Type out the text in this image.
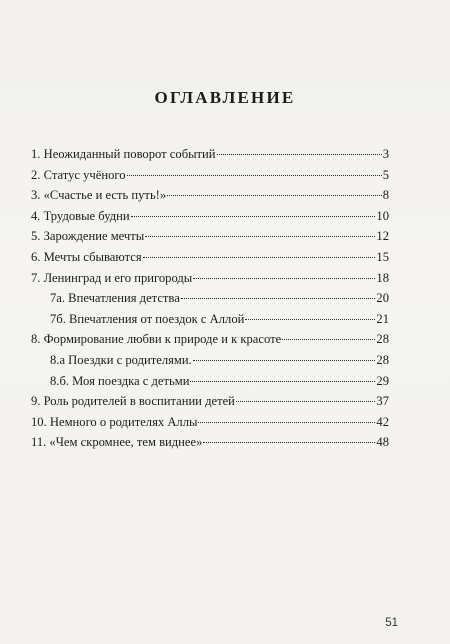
ОГЛАВЛЕНИЕ
1. Неожиданный поворот событий	3
2. Статус учёного	5
3. «Счастье и есть путь!»	8
4. Трудовые будни	10
5. Зарождение мечты	12
6. Мечты сбываются	15
7. Ленинград и его пригороды	18
7а. Впечатления детства	20
7б. Впечатления от поездок с Аллой	21
8. Формирование любви к природе и к красоте	28
8.а Поездки с родителями.	28
8.б. Моя поездка с детьми	29
9. Роль родителей в воспитании детей	37
10. Немного о родителях Аллы	42
11. «Чем скромнее, тем виднее»	48
51
